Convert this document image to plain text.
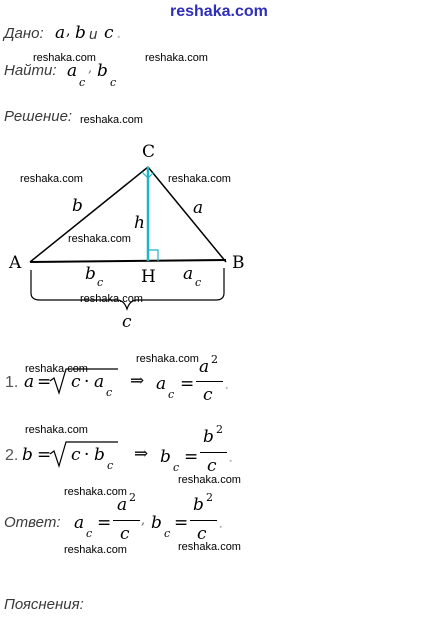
reshaka.com
Дано: a , b и c .
reshaka.com	reshaka.com
Найти: a
c
, b
c
Решение: reshaka.com
C
A	B
H
reshaka.com	reshaka.com
b	a
h
reshaka.com
b c	a c
reshaka.com
c
reshaka.com
reshaka.com
1. a = c · a
c
⇒ a
c
=
a 2
c
.
reshaka.com
2. b = c · b
c
⇒ b
c
=
b 2
c .
reshaka.com
reshaka.com
Ответ: a
c
=
a 2
c
, b
c
=
b 2
c
.
reshaka.com	reshaka.com
Пояснения:
